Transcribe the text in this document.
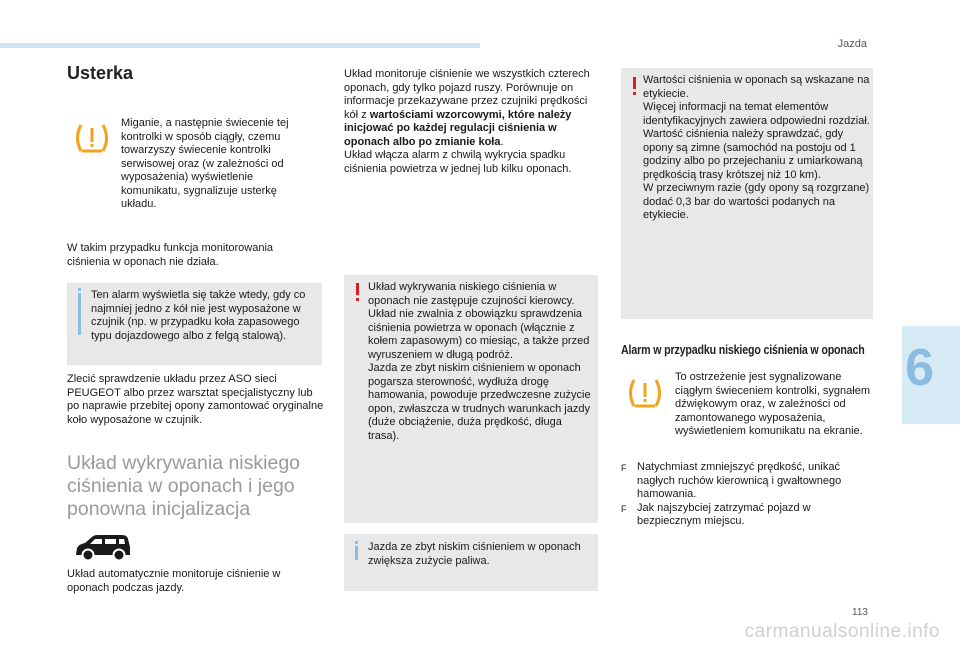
Jazda
6
113
carmanualsonline.info
Usterka

Miganie, a następnie świecenie tej kontrolki w sposób ciągły, czemu towarzyszy świecenie kontrolki serwisowej oraz (w zależności od wyposażenia) wyświetlenie komunikatu, sygnalizuje usterkę układu.

W takim przypadku funkcja monitorowania ciśnienia w oponach nie działa.

Ten alarm wyświetla się także wtedy, gdy co najmniej jedno z kół nie jest wyposażone w czujnik (np. w przypadku koła zapasowego typu dojazdowego albo z felgą stalową).

Zlecić sprawdzenie układu przez ASO sieci PEUGEOT albo przez warsztat specjalistyczny lub po naprawie przebitej opony zamontować oryginalne koło wyposażone w czujnik.

Układ wykrywania niskiego ciśnienia w oponach i jego ponowna inicjalizacja

Układ automatycznie monitoruje ciśnienie w oponach podczas jazdy.

Układ monitoruje ciśnienie we wszystkich czterech oponach, gdy tylko pojazd ruszy. Porównuje on informacje przekazywane przez czujniki prędkości kół z wartościami wzorcowymi, które należy inicjować po każdej regulacji ciśnienia w oponach albo po zmianie koła.
Układ włącza alarm z chwilą wykrycia spadku ciśnienia powietrza w jednej lub kilku oponach.

Układ wykrywania niskiego ciśnienia w oponach nie zastępuje czujności kierowcy.

Układ nie zwalnia z obowiązku sprawdzenia ciśnienia powietrza w oponach (włącznie z kołem zapasowym) co miesiąc, a także przed wyruszeniem w długą podróż.

Jazda ze zbyt niskim ciśnieniem w oponach pogarsza sterowność, wydłuża drogę hamowania, powoduje przedwczesne zużycie opon, zwłaszcza w trudnych warunkach jazdy (duże obciążenie, duża prędkość, długa trasa).

Jazda ze zbyt niskim ciśnieniem w oponach zwiększa zużycie paliwa.

Wartości ciśnienia w oponach są wskazane na etykiecie.

Więcej informacji na temat elementów identyfikacyjnych zawiera odpowiedni rozdział.

Wartość ciśnienia należy sprawdzać, gdy opony są zimne (samochód na postoju od 1 godziny albo po przejechaniu z umiarkowaną prędkością trasy krótszej niż 10 km).

W przeciwnym razie (gdy opony są rozgrzane) dodać 0,3 bar do wartości podanych na etykiecie.

Alarm w przypadku niskiego ciśnienia w oponach

To ostrzeżenie jest sygnalizowane ciągłym świeceniem kontrolki, sygnałem dźwiękowym oraz, w zależności od zamontowanego wyposażenia, wyświetleniem komunikatu na ekranie.

F Natychmiast zmniejszyć prędkość, unikać nagłych ruchów kierownicą i gwałtownego hamowania.
F Jak najszybciej zatrzymać pojazd w bezpiecznym miejscu.
